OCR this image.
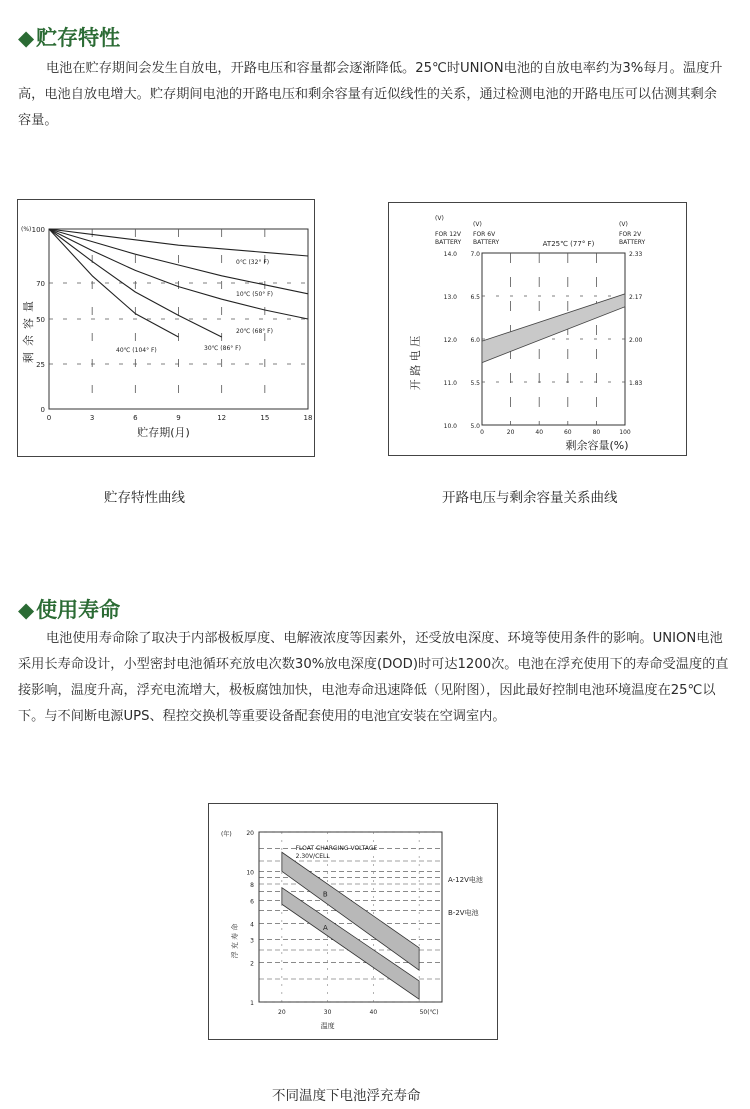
◆贮存特性
电池在贮存期间会发生自放电，开路电压和容量都会逐渐降低。25℃时UNION电池的自放电率约为3%每月。温度升高，电池自放电增大。贮存期间电池的开路电压和剩余容量有近似线性的关系，通过检测电池的开路电压可以估测其剩余容量。
0
25
50
70
100
0	3	6	9	12	15	18
(%)
剩余容量
贮存期(月)
0℃ (32° F)
10℃ (50° F)
20℃ (68° F)
30℃ (86° F)
40℃ (104° F)
贮存特性曲线
10.0
11.0
12.0
13.0
14.0
5.0
5.5
6.0
6.5
7.0
1.83
2.00
2.17
2.33
0	20	40	60	80	100
(V)
FOR 12V
BATTERY
(V)
FOR 6V
BATTERY
(V)
FOR 2V
BATTERY
AT25℃ (77° F)
开 路 电 压
剩余容量(%)
开路电压与剩余容量关系曲线
◆使用寿命
电池使用寿命除了取决于内部极板厚度、电解液浓度等因素外，还受放电深度、环境等使用条件的影响。UNION电池采用长寿命设计，小型密封电池循环充放电次数30%放电深度(DOD)时可达1200次。电池在浮充使用下的寿命受温度的直接影响，温度升高，浮充电流增大，极板腐蚀加快，电池寿命迅速降低（见附图），因此最好控制电池环境温度在25℃以下。与不间断电源UPS、程控交换机等重要设备配套使用的电池宜安装在空调室内。
1
2
3
4
6
8
10
20
20	30	40	50(℃)
(年)
浮 充 寿 命
温度
FLOAT CHARGING VOLTAGE
2.30V/CELL
B
A-12V电池
A
B-2V电池
不同温度下电池浮充寿命
